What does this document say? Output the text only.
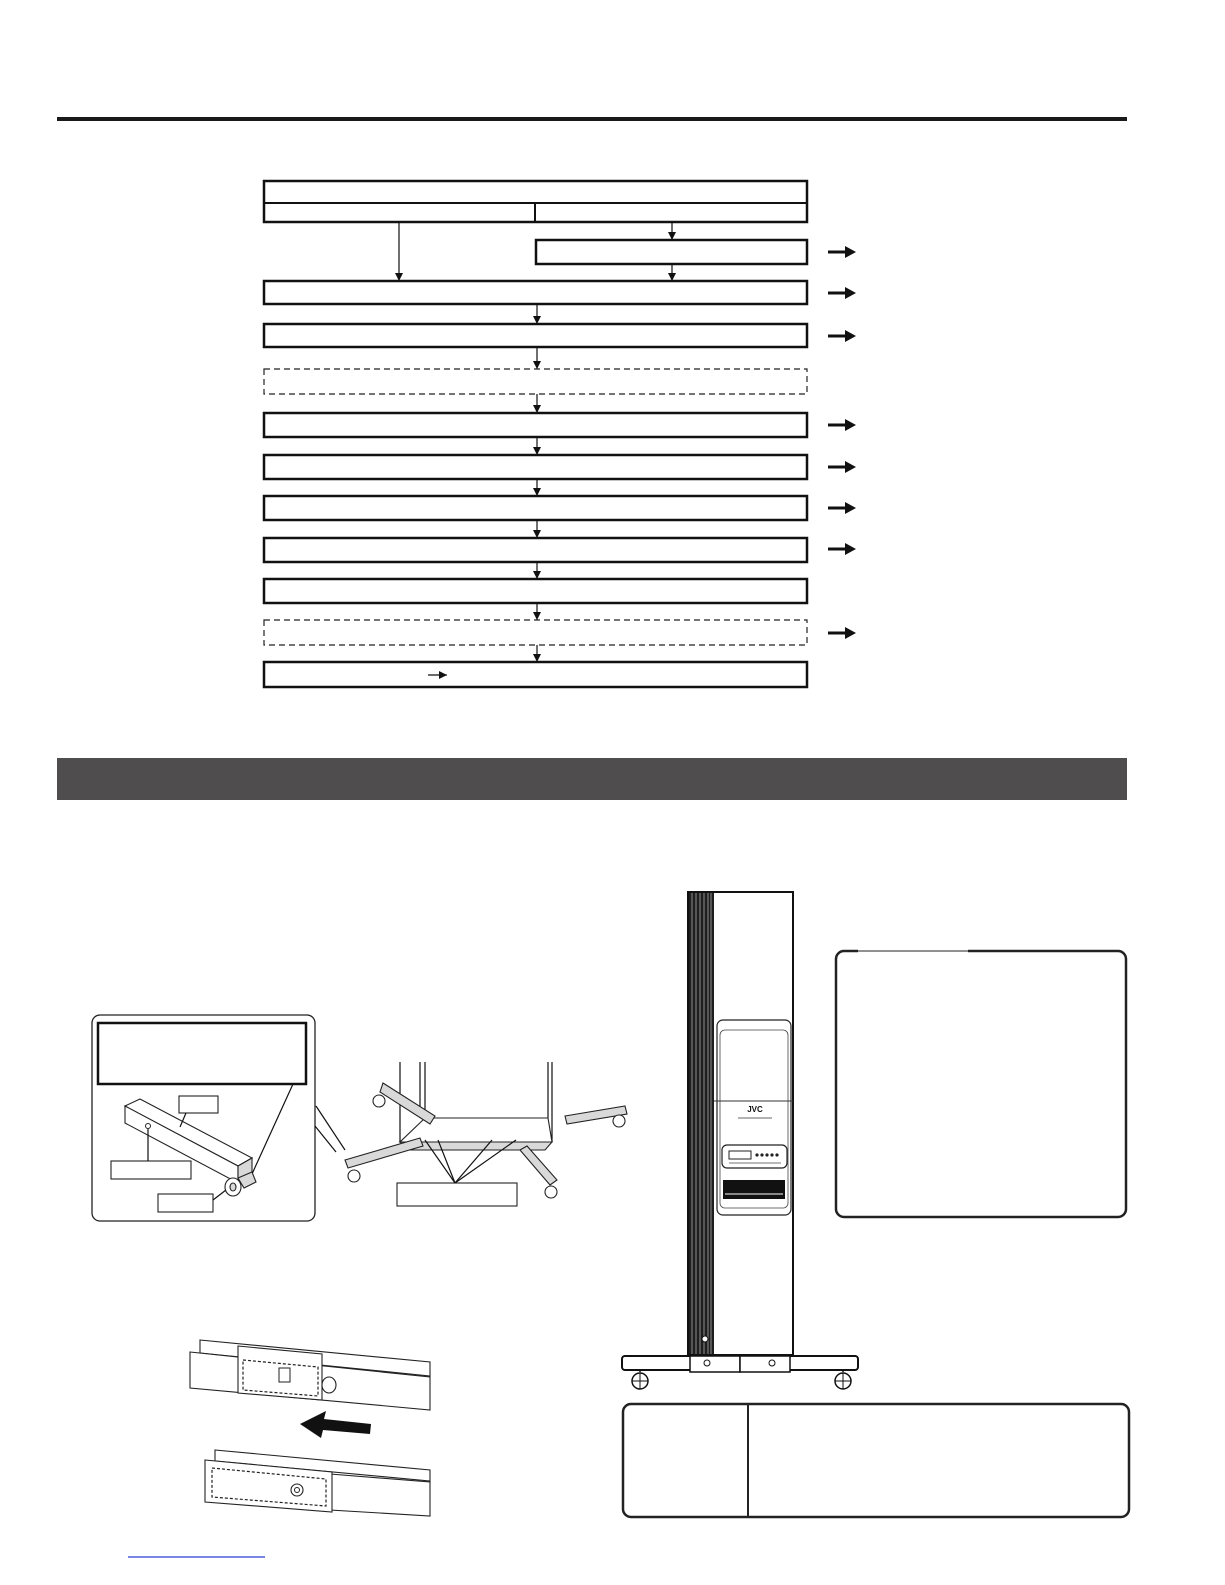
JVC
